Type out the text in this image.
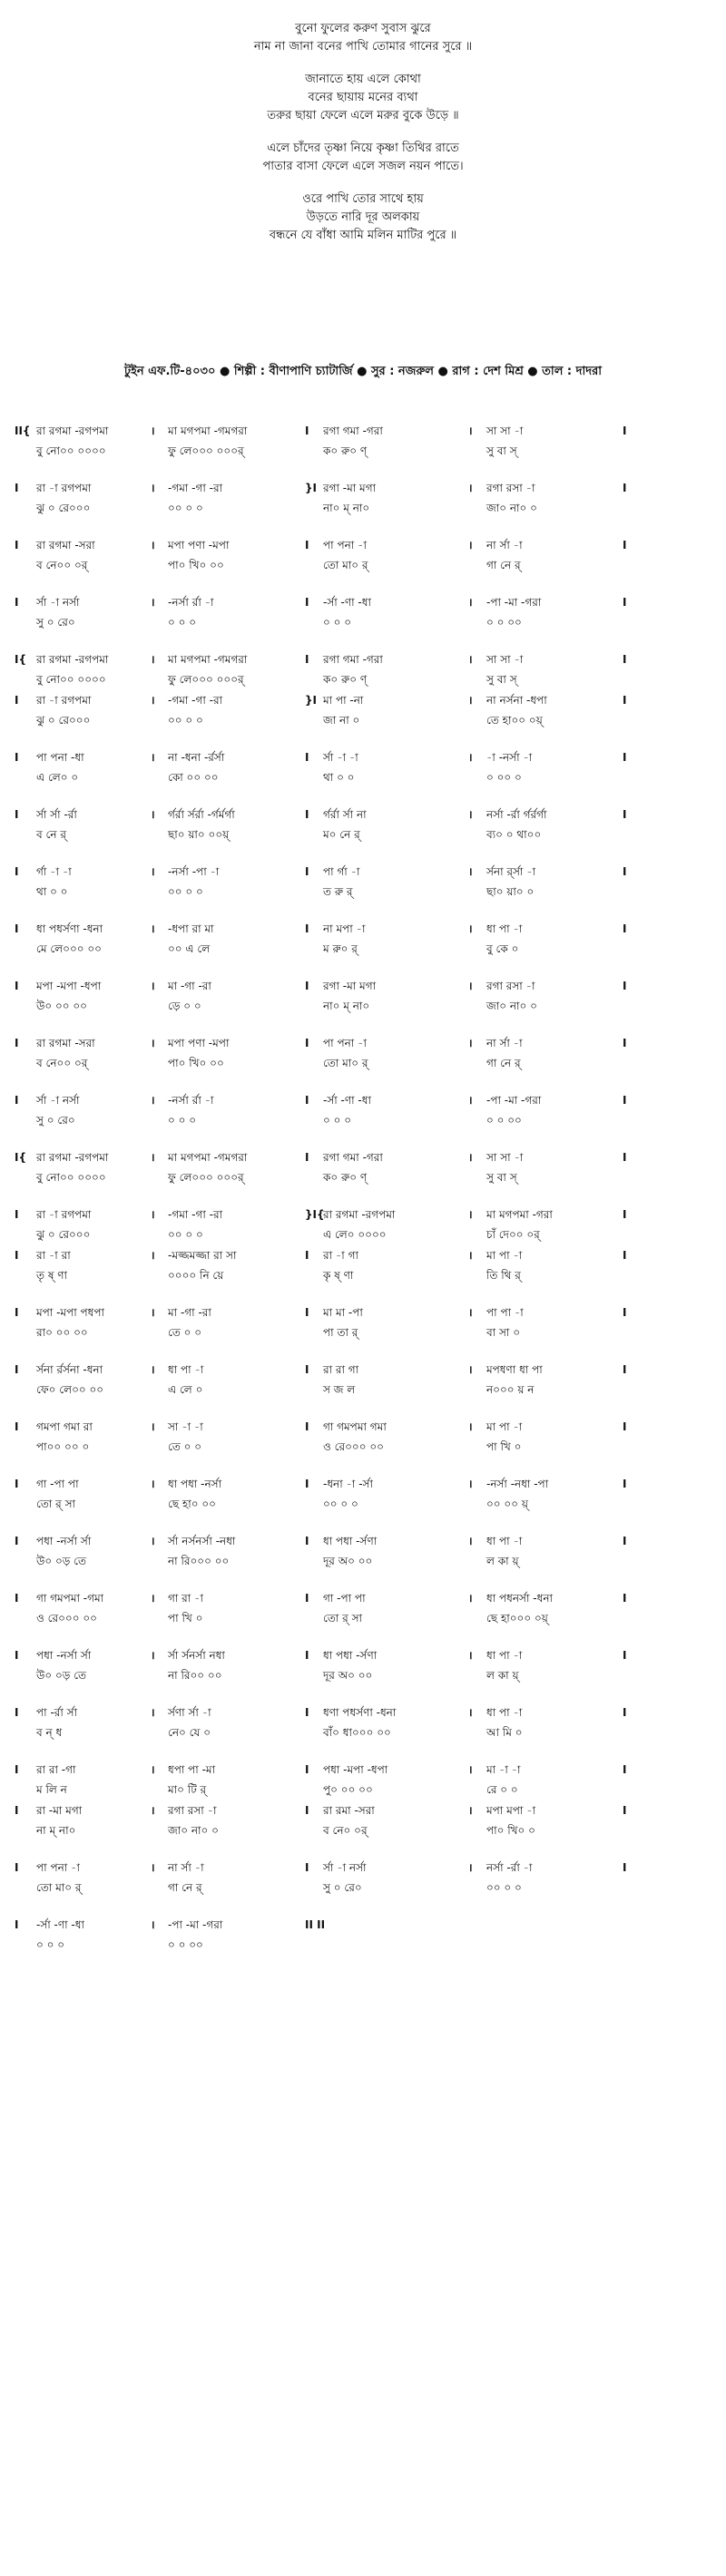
বুনো ফুলের করুণ সুবাস ঝুরে
নাম না জানা বনের পাখি তোমার গানের সুরে ॥
জানাতে হায় এলে কোথা
বনের ছায়ায় মনের ব্যথা
তরুর ছায়া ফেলে এলে মরুর বুকে উড়ে ॥
এলে চাঁদের তৃষ্ণা নিয়ে কৃষ্ণা তিথির রাতে
পাতার বাসা ফেলে এলে সজল নয়ন পাতে।
ওরে পাখি তোর সাথে হায়
উড়তে নারি দূর অলকায়
বন্ধনে যে বাঁধা আমি মলিন মাটির পুরে ॥
টুইন এফ.টি-৪০৩০ ● শিল্পী : বীণাপাণি চ্যাটার্জি ● সুর : নজরুল ● রাগ : দেশ মিশ্র ● তাল : দাদরা
II{	।	I	।	I
রা রগমা -রগপমা	মা মগপমা -গমগরা	রগা গমা -গরা	সা সা -া
বু নো০০ ০০০০	ফু লে০০০ ০০০র্	ক০ রু০ ণ্	সু বা স্
I	।	}I	।	I
রা -া রগপমা	-গমা -গা -রা	রগা -মা মগা	রগা রসা -া
ঝু ০ রে০০০	০০ ০ ০	না০ ম্ না০	জা০ না০ ০
I	।	I	।	I
রা রগমা -সরা	মপা পণা -মপা	পা পনা -া	না র্সা -া
ব নে০০ ০র্	পা০ খি০ ০০	তো মা০ র্	গা নে র্
I	।	I	।	I
র্সা -া নর্সা	-নর্সা র্রা -া	-র্সা -ণা -ধা	-পা -মা -গরা
সু ০ রে০	০ ০ ০	০ ০ ০	০ ০ ০০
I{	।	I	।	I
রা রগমা -রগপমা	মা মগপমা -গমগরা	রগা গমা -গরা	সা সা -া
বু নো০০ ০০০০	ফু লে০০০ ০০০র্	ক০ রু০ ণ্	সু বা স্
I	।	}I	।	I
রা -া রগপমা	-গমা -গা -রা	মা পা -না	না নর্সনা -ধপা
ঝু ০ রে০০০	০০ ০ ০	জা না ০	তে হা০০ ০য়্
I	।	I	।	I
পা পনা -ধা	না -ধনা -র্রর্সা	র্সা -া -া	-া -নর্সা -া
এ লে০ ০	কো ০০ ০০	থা ০ ০	০ ০০ ০
I	।	I	।	I
র্সা র্সা -র্রা	র্গর্রা র্সর্রা -র্গর্মর্গা	র্গর্রা র্সা না	নর্সা -র্রা র্গর্রর্গা
ব নে র্	ছা০ য়া০ ০০য়্	ম০ নে র্	ব্য০ ০ থা০০
I	।	I	।	I
র্গা -া -া	-নর্সা -পা -া	পা র্গা -া	র্সনা র্র্সা -া
থা ০ ০	০০ ০ ০	ত রু র্	ছা০ য়া০ ০
I	।	I	।	I
ধা পধর্সণা -ধনা	-ধপা রা মা	না মপা -া	ধা পা -া
মে লে০০০ ০০	০০ এ লে	ম রু০ র্	বু কে ০
I	।	I	।	I
মপা -মপা -ধপা	মা -গা -রা	রগা -মা মগা	রগা রসা -া
উ০ ০০ ০০	ড়ে ০ ০	না০ ম্ না০	জা০ না০ ০
I	।	I	।	I
রা রগমা -সরা	মপা পণা -মপা	পা পনা -া	না র্সা -া
ব নে০০ ০র্	পা০ খি০ ০০	তো মা০ র্	গা নে র্
I	।	I	।	I
র্সা -া নর্সা	-নর্সা র্রা -া	-র্সা -ণা -ধা	-পা -মা -গরা
সু ০ রে০	০ ০ ০	০ ০ ০	০ ০ ০০
I{	।	I	।	I
রা রগমা -রগপমা	মা মগপমা -গমগরা	রগা গমা -গরা	সা সা -া
বু নো০০ ০০০০	ফু লে০০০ ০০০র্	ক০ রু০ ণ্	সু বা স্
I	।	}I{	।	I
রা -া রগপমা	-গমা -গা -রা	রা রগমা -রগপমা	মা মগপমা -গরা
ঝু ০ রে০০০	০০ ০ ০	এ লে০ ০০০০	চাঁ দে০০ ০র্
I	।	I	।	I
রা -া রা	-মজ্জমজ্জা রা সা	রা -া গা	মা পা -া
তৃ ষ্ ণা	০০০০ নি য়ে	কৃ ষ্ ণা	তি থি র্
I	।	I	।	I
মপা -মপা পধপা	মা -গা -রা	মা মা -পা	পা পা -া
রা০ ০০ ০০	তে ০ ০	পা তা র্	বা সা ০
I	।	I	।	I
র্সনা র্রর্সনা -ধনা	ধা পা -া	রা রা গা	মপধণা ধা পা
ফে০ লে০০ ০০	এ লে ০	স জ ল	ন০০০ য় ন
I	।	I	।	I
গমপা গমা রা	সা -া -া	গা গমপমা গমা	মা পা -া
পা০০ ০০ ০	তে ০ ০	ও রে০০০ ০০	পা খি ০
I	।	I	।	I
গা -পা পা	ধা পধা -নর্সা	-ধনা -া -র্সা	-নর্সা -নধা -পা
তো র্ সা	ছে হা০ ০০	০০ ০ ০	০০ ০০ য়্
I	।	I	।	I
পধা -নর্সা র্সা	র্সা নর্সনর্সা -নধা	ধা পধা -র্সণা	ধা পা -া
উ০ ০ড় তে	না রি০০০ ০০	দূর অ০ ০০	ল কা য়্
I	।	I	।	I
গা গমপমা -গমা	গা রা -া	গা -পা পা	ধা পধনর্সা -ধনা
ও রে০০০ ০০	পা খি ০	তো র্ সা	ছে হা০০০ ০য়্
I	।	I	।	I
পধা -নর্সা র্সা	র্সা র্সনর্সা নধা	ধা পধা -র্সণা	ধা পা -া
উ০ ০ড় তে	না রি০০ ০০	দূর অ০ ০০	ল কা য়্
I	।	I	।	I
পা -র্রা র্সা	র্সণা র্সা -া	ধণা পধর্সণা -ধনা	ধা পা -া
ব ন্ ধ	নে০ যে ০	বাঁ০ ধা০০০ ০০	আ মি ০
I	।	I	।	I
রা রা -গা	ধপা পা -মা	পধা -মপা -ধপা	মা -া -া
ম লি ন	মা০ টি র্	পু০ ০০ ০০	রে ০ ০
I	।	I	।	I
রা -মা মগা	রগা রসা -া	রা রমা -সরা	মপা মপা -া
না ম্ না০	জা০ না০ ০	ব নে০ ০র্	পা০ খি০ ০
I	।	I	।	I
পা পনা -া	না র্সা -া	র্সা -া নর্সা	নর্সা -র্রা -া
তো মা০ র্	গা নে র্	সু ০ রে০	০০ ০ ০
I	।	II II
-র্সা -ণা -ধা	-পা -মা -গরা
০ ০ ০	০ ০ ০০
